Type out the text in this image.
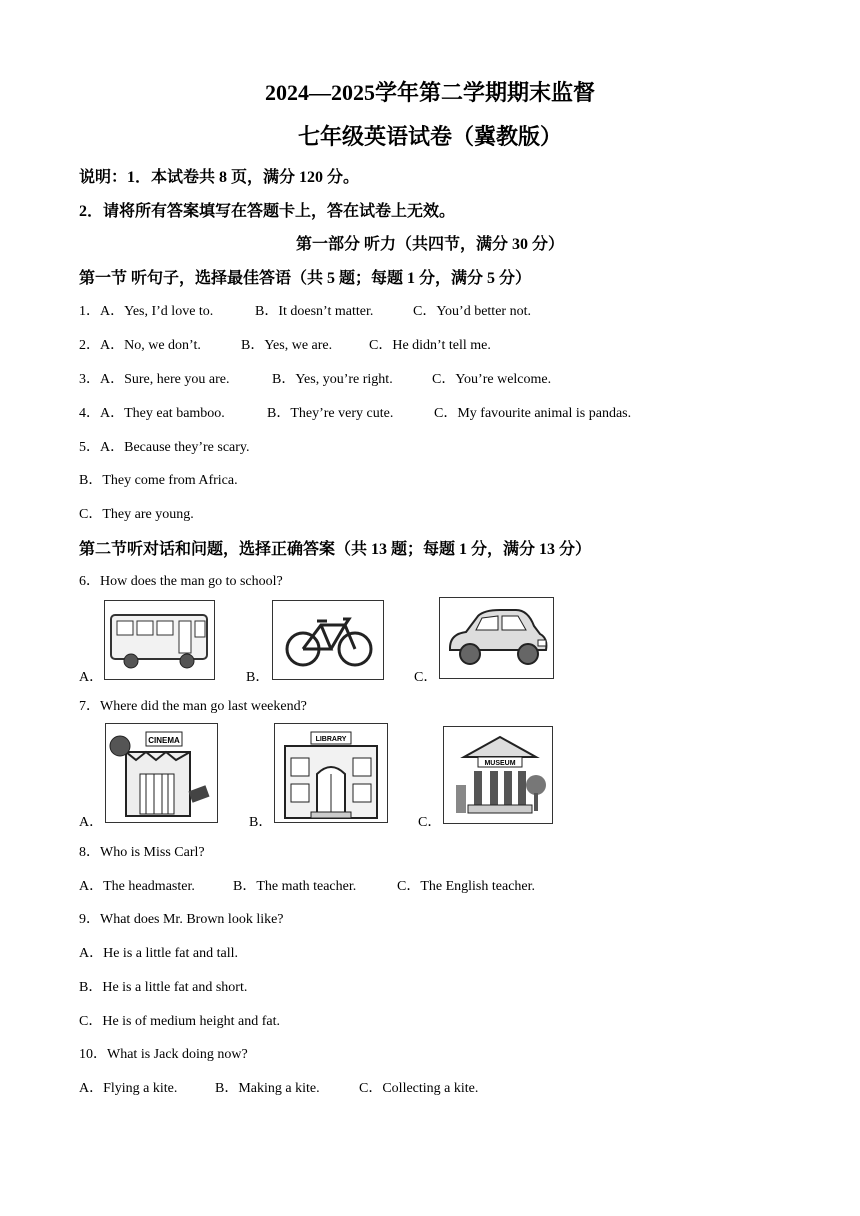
2024—2025学年第二学期期末监督
七年级英语试卷（冀教版）
说明：1．本试卷共 8 页，满分 120 分。
2．请将所有答案填写在答题卡上，答在试卷上无效。
第一部分 听力（共四节，满分 30 分）
第一节 听句子，选择最佳答语（共 5 题；每题 1 分，满分 5 分）
1．A．Yes, I’d love to.	B．It doesn’t matter.	C．You’d better not.
2．A．No, we don’t.	B．Yes, we are.	C．He didn’t tell me.
3．A．Sure, here you are.	B．Yes, you’re right.	C．You’re welcome.
4．A．They eat bamboo.	B．They’re very cute.	C．My favourite animal is pandas.
5．A．Because they’re scary.
B．They come from Africa.
C．They are young.
第二节听对话和问题，选择正确答案（共 13 题；每题 1 分，满分 13 分）
6．How does the man go to school?
A．	B．	C．
7．Where did the man go last weekend?
CINEMA
A．
LIBRARY
B．
MUSEUM
C．
8．Who is Miss Carl?
A．The headmaster.	B．The math teacher.	C．The English teacher.
9．What does Mr. Brown look like?
A．He is a little fat and tall.
B．He is a little fat and short.
C．He is of medium height and fat.
10．What is Jack doing now?
A．Flying a kite.	B．Making a kite.	C．Collecting a kite.
